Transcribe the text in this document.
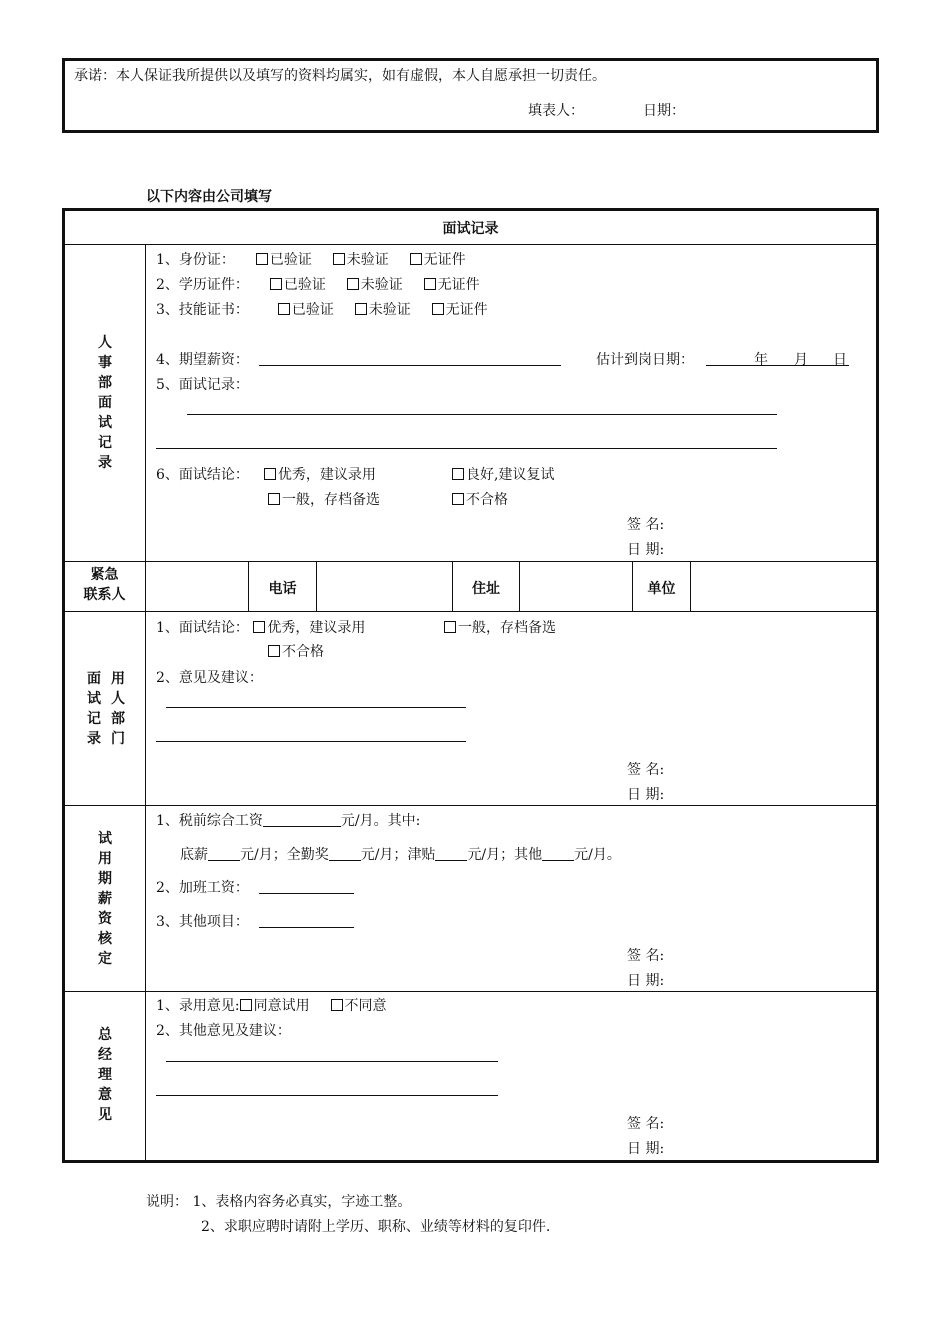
承诺：本人保证我所提供以及填写的资料均属实，如有虚假，本人自愿承担一切责任。
填表人：	日期：
以下内容由公司填写
面试记录
人事部面试记录
1、身份证： 已验证 未验证 无证件
2、学历证件： 已验证 未验证 无证件
3、技能证书：	已验证 未验证 无证件
4、期望薪资：	估计到岗日期：	年 月 日
5、面试记录：
6、面试结论： 优秀，建议录用	良好,建议复试
一般，存档备选	不合格
签 名:
日 期:
紧急
联系人	电话	住址	单位
面试记录
用人部门
1、面试结论： 优秀，建议录用	一般，存档备选
不合格
2、意见及建议：
签 名:
日 期:
试用期薪资核定
1、税前综合工资	元/月。其中:
底薪 元/月；全勤奖 元/月；津贴 元/月；其他 元/月。
2、加班工资：
3、其他项目：
签 名:
日 期:
总经理意见
1、录用意见: 同意试用 不同意
2、其他意见及建议：
签 名:
日 期:
说明： 1、表格内容务必真实，字迹工整。
2、求职应聘时请附上学历、职称、业绩等材料的复印件.
